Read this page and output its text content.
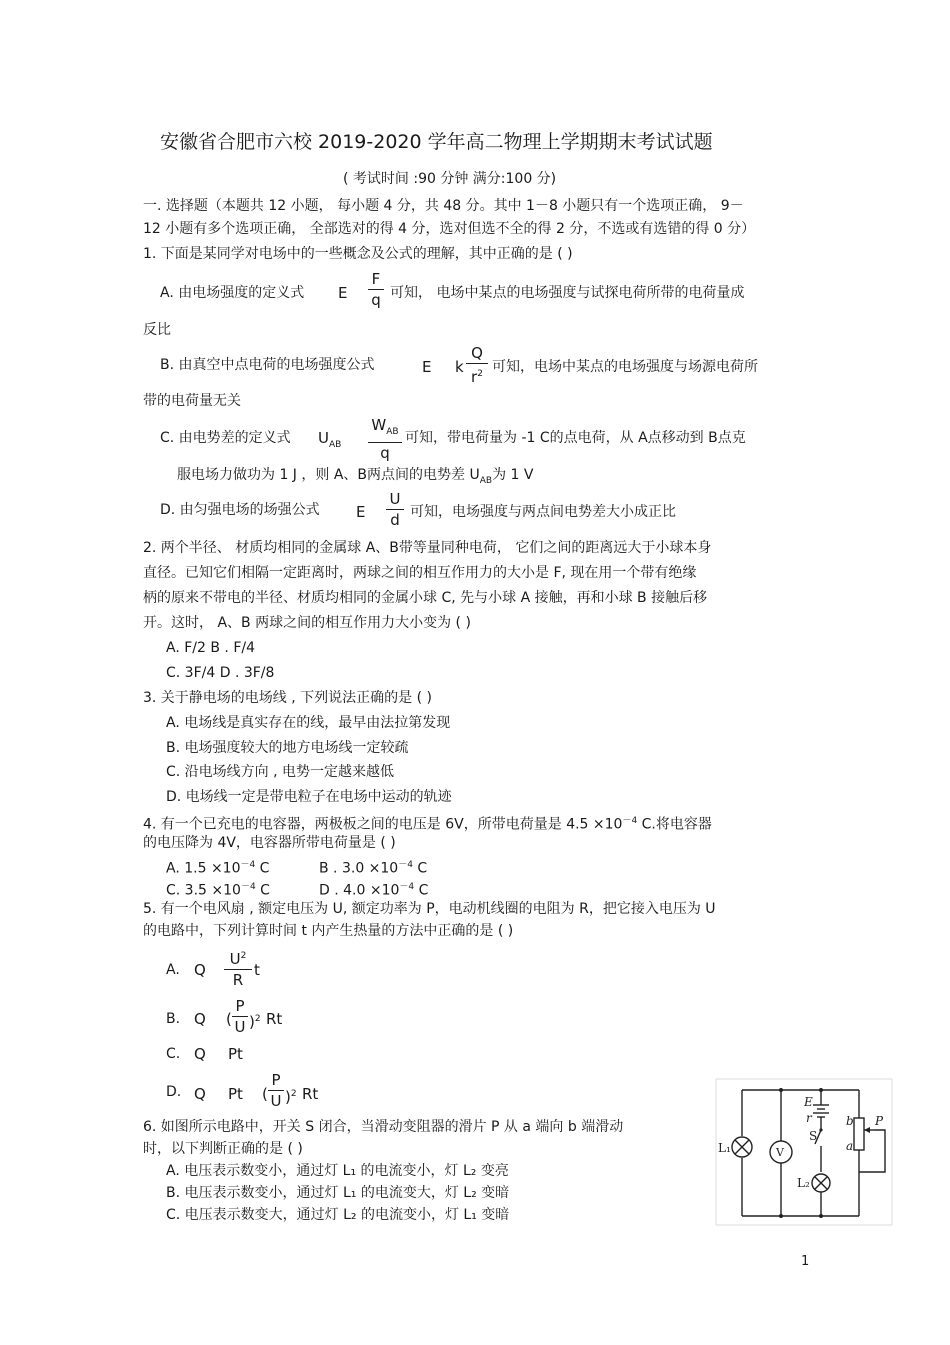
安徽省合肥市六校 2019-2020 学年高二物理上学期期末考试试题
( 考试时间 :90 分钟 满分:100 分)
一. 选择题（本题共 12 小题， 每小题 4 分，共 48 分。其中 1－8 小题只有一个选项正确， 9－
12 小题有多个选项正确， 全部选对的得 4 分，选对但选不全的得 2 分，不选或有选错的得 0 分）
1. 下面是某同学对电场中的一些概念及公式的理解，其中正确的是 ( )
A. 由电场强度的定义式 E
F
q 可知， 电场中某点的电场强度与试探电荷所带的电荷量成
反比
B. 由真空中点电荷的电场强度公式	E k
Q
$r^2$ 可知，电场中某点的电场强度与场源电荷所
带的电荷量无关
C. 由电势差的定义式 $U_{AB}$
$W_{AB}$
q
可知，带电荷量为 -1 C的点电荷，从 A点移动到 B点克
服电场力做功为 1 J ，则 A、B两点间的电势差 $U_{AB}$为 1 V
D. 由匀强电场的场强公式 E
U
d 可知，电场强度与两点间电势差大小成正比
2. 两个半径、 材质均相同的金属球 A、B带等量同种电荷， 它们之间的距离远大于小球本身
直径。已知它们相隔一定距离时，两球之间的相互作用力的大小是 F, 现在用一个带有绝缘
柄的原来不带电的半径、材质均相同的金属小球 C, 先与小球 A 接触，再和小球 B 接触后移
开。这时， A、B 两球之间的相互作用力大小变为 ( )
A. F/2 B . F/4
C. 3F/4 D . 3F/8
3. 关于静电场的电场线 , 下列说法正确的是 ( )
A. 电场线是真实存在的线，最早由法拉第发现
B. 电场强度较大的地方电场线一定较疏
C. 沿电场线方向 , 电势一定越来越低
D. 电场线一定是带电粒子在电场中运动的轨迹
4. 有一个已充电的电容器，两极板之间的电压是 6V，所带电荷量是 $4.5 \times 10^{-4}$ C.将电容器
的电压降为 4V，电容器所带电荷量是 ( )
A. $1.5 \times 10^{-4}$ C	B . $3.0 \times 10^{-4}$ C
C. $3.5 \times 10^{-4}$ C	D . $4.0 \times 10^{-4}$ C
5. 有一个电风扇 , 额定电压为 U, 额定功率为 P，电动机线圈的电阻为 R，把它接入电压为 U
的电路中，下列计算时间 t 内产生热量的方法中正确的是 ( )
A. Q
$U^2$
R
t
B. Q (
P
U )$^2$ Rt
C. Q Pt
D. Q Pt (
P
U )$^2$ Rt
6. 如图所示电路中，开关 S 闭合，当滑动变阻器的滑片 P 从 a 端向 b 端滑动
时，以下判断正确的是 ( )
A. 电压表示数变小，通过灯 L₁ 的电流变小，灯 L₂ 变亮
B. 电压表示数变小，通过灯 L₁ 的电流变大，灯 L₂ 变暗
C. 电压表示数变大，通过灯 L₂ 的电流变小，灯 L₁ 变暗
L₁	V
E
r
S
L₂
b
a
P
1
